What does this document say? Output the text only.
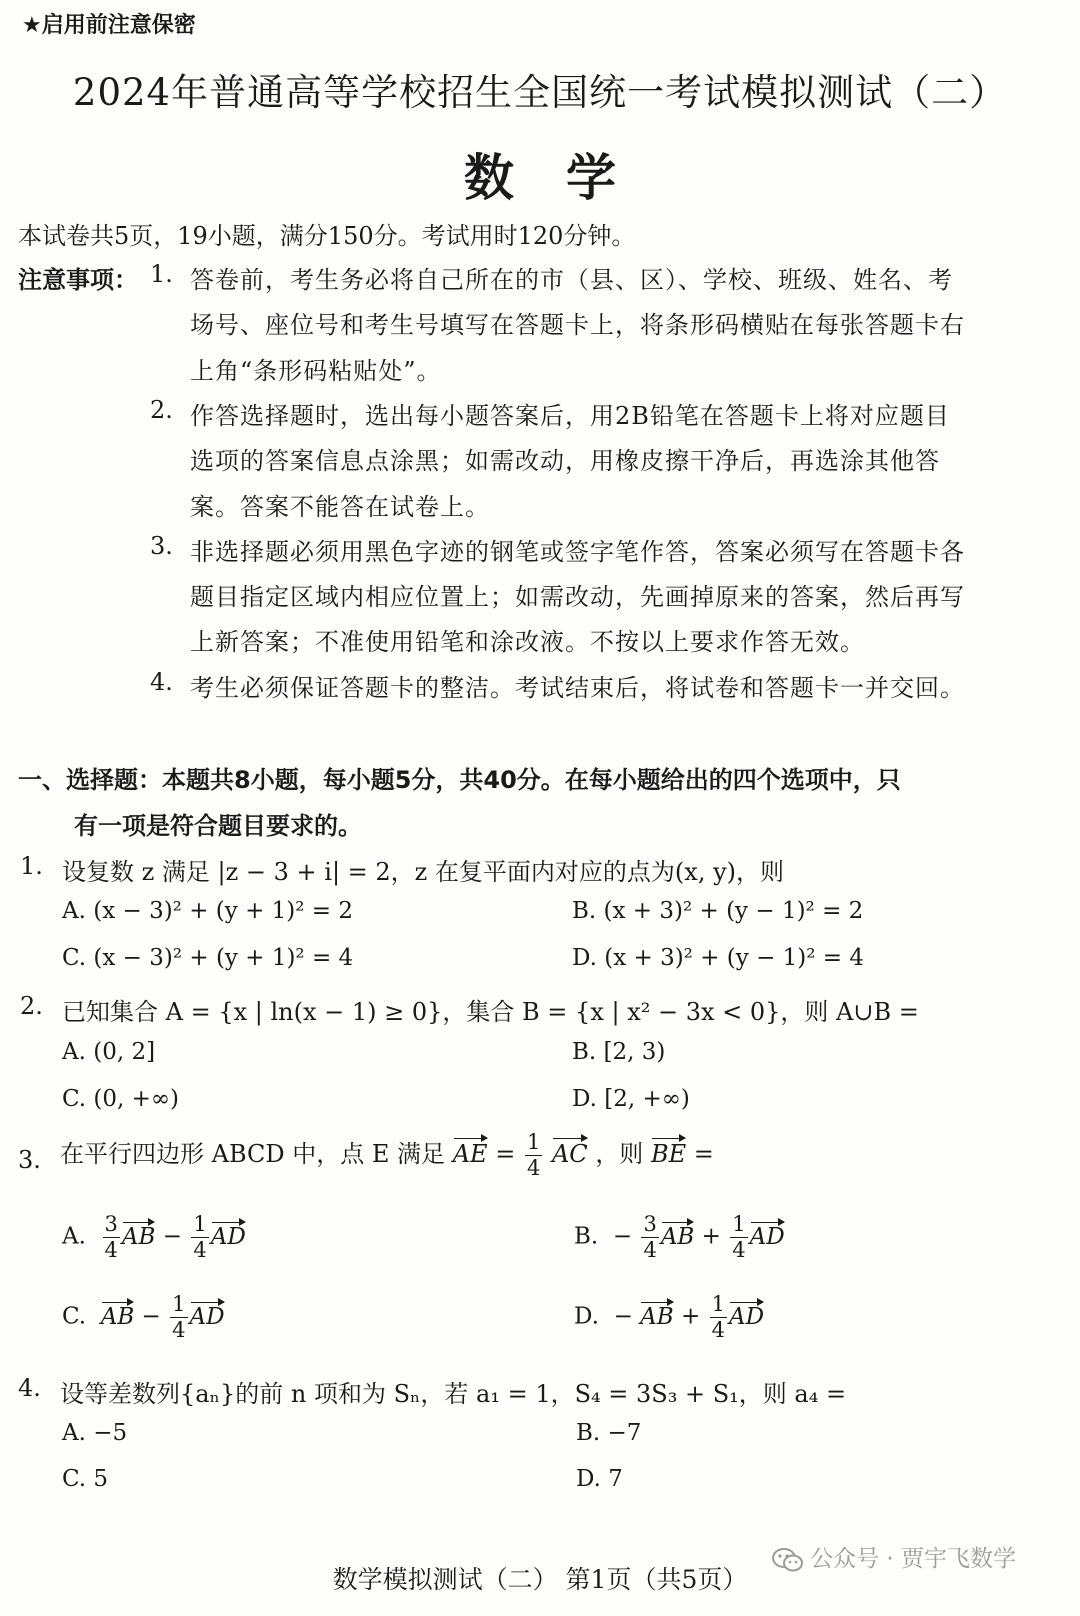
★启用前注意保密
2024年普通高等学校招生全国统一考试模拟测试（二）
数学
本试卷共5页，19小题，满分150分。考试用时120分钟。
注意事项： 1. 答卷前，考生务必将自己所在的市（县、区）、学校、班级、姓名、考
场号、座位号和考生号填写在答题卡上，将条形码横贴在每张答题卡右
上角“条形码粘贴处”。
2. 作答选择题时，选出每小题答案后，用2B铅笔在答题卡上将对应题目
选项的答案信息点涂黑；如需改动，用橡皮擦干净后，再选涂其他答
案。答案不能答在试卷上。
3. 非选择题必须用黑色字迹的钢笔或签字笔作答，答案必须写在答题卡各
题目指定区域内相应位置上；如需改动，先画掉原来的答案，然后再写
上新答案；不准使用铅笔和涂改液。不按以上要求作答无效。
4. 考生必须保证答题卡的整洁。考试结束后，将试卷和答题卡一并交回。
一、选择题：本题共8小题，每小题5分，共40分。在每小题给出的四个选项中，只
有一项是符合题目要求的。
1. 设复数 z 满足 |z − 3 + i| = 2，z 在复平面内对应的点为(x, y)，则
A. (x − 3)² + (y + 1)² = 2	B. (x + 3)² + (y − 1)² = 2
C. (x − 3)² + (y + 1)² = 4	D. (x + 3)² + (y − 1)² = 4
2. 已知集合 A = {x | ln(x − 1) ≥ 0}，集合 B = {x | x² − 3x < 0}，则 A∪B =
A. (0, 2]	B. [2, 3)
C. (0, +∞)	D. [2, +∞)
3. 在平行四边形 ABCD 中，点 E 满足 AE = $\frac{1}{4}$ AC ，则 BE =
A. $\frac{3}{4}$ AB − $\frac{1}{4}$ AD	B. − $\frac{3}{4}$ AB + $\frac{1}{4}$ AD
C. AB − $\frac{1}{4}$ AD	D. − AB + $\frac{1}{4}$ AD
4. 设等差数列{aₙ}的前 n 项和为 Sₙ，若 a₁ = 1，S₄ = 3S₃ + S₁，则 a₄ =
A. −5	B. −7
C. 5	D. 7
公众号 · 贾宇飞数学
数学模拟测试（二） 第1页（共5页）
